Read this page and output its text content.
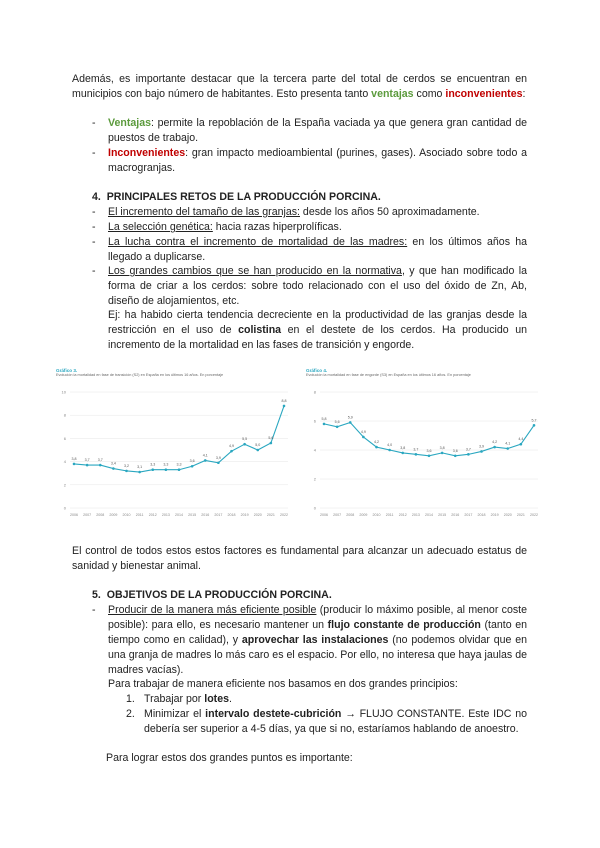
Además, es importante destacar que la tercera parte del total de cerdos se encuentran en municipios con bajo número de habitantes. Esto presenta tanto ventajas como inconvenientes:
- Ventajas: permite la repoblación de la España vaciada ya que genera gran cantidad de puestos de trabajo.
- Inconvenientes: gran impacto medioambiental (purines, gases). Asociado sobre todo a macrogranjas.
4. PRINCIPALES RETOS DE LA PRODUCCIÓN PORCINA.
- El incremento del tamaño de las granjas: desde los años 50 aproximadamente.
- La selección genética: hacia razas hiperprolíficas.
- La lucha contra el incremento de mortalidad de las madres: en los últimos años ha llegado a duplicarse.
- Los grandes cambios que se han producido en la normativa, y que han modificado la forma de criar a los cerdos: sobre todo relacionado con el uso del óxido de Zn, Ab, diseño de alojamientos, etc.
Ej: ha habido cierta tendencia decreciente en la productividad de las granjas desde la restricción en el uso de colistina en el destete de los cerdos. Ha producido un incremento de la mortalidad en las fases de transición y engorde.
Gráfico 3.
Evolución la mortalidad en fase de transición (S2) en España en los últimos 16 años. En porcentaje
0
2
4
6
8
10
2006 2007 2008 2009 2010 2011 2012 2013 2014 2015 2016 2017 2018 2019 2020 2021 2022
3,8 3,7 3,7
3,4
3,2 3,1
3,3 3,3 3,3
3,6
4,1
3,9
4,9
5,5
5,0
5,6
8,8
Gráfico 4.
Evolución la mortalidad en fase de engorde (S3) en España en los últimos 16 años. En porcentaje
0
2
4
6
8
2006 2007 2008 2009 2010 2011 2012 2013 2014 2015 2016 2017 2018 2019 2020 2021 2022
5,8
5,6
5,9
4,9
4,2
4,0
3,8 3,7 3,6
3,8
3,6 3,7
3,9
4,2 4,1
4,4
5,7
El control de todos estos estos factores es fundamental para alcanzar un adecuado estatus de sanidad y bienestar animal.
5. OBJETIVOS DE LA PRODUCCIÓN PORCINA.
- Producir de la manera más eficiente posible (producir lo máximo posible, al menor coste posible): para ello, es necesario mantener un flujo constante de producción (tanto en tiempo como en calidad), y aprovechar las instalaciones (no podemos olvidar que en una granja de madres lo más caro es el espacio. Por ello, no interesa que haya jaulas de madres vacías).
Para trabajar de manera eficiente nos basamos en dos grandes principios:
1. Trabajar por lotes.
2. Minimizar el intervalo destete-cubrición → FLUJO CONSTANTE. Este IDC no debería ser superior a 4-5 días, ya que si no, estaríamos hablando de anoestro.
Para lograr estos dos grandes puntos es importante:
